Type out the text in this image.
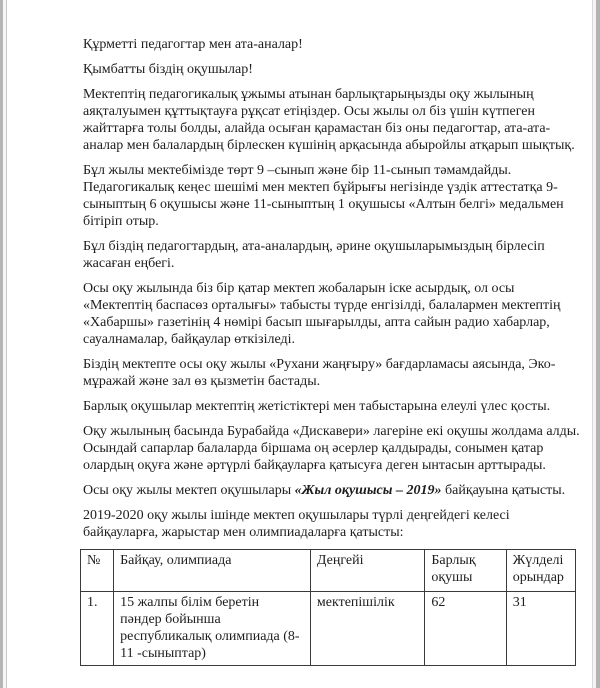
Құрметті педагогтар мен ата-аналар!

Қымбатты біздің оқушылар!

Мектептің педагогикалық ұжымы атынан барлықтарыңызды оқу жылының аяқталуымен құттықтауға рұқсат етіңіздер. Осы жылы ол біз үшін күтпеген жайттарға толы болды, алайда осыған қарамастан біз оны педагогтар, ата-ата-аналар мен балалардың бірлескен күшінің арқасында абыройлы атқарып шықтық.

Бұл жылы мектебімізде төрт 9 –сынып және бір 11-сынып тәмамдайды. Педагогикалық кеңес шешімі мен мектеп бұйрығы негізінде үздік аттестатқа 9-сыныптың 6 оқушысы және 11-сыныптың 1 оқушысы «Алтын белгі» медальмен бітіріп отыр.

Бұл біздің педагогтардың, ата-аналардың, әрине оқушыларымыздың бірлесіп жасаған еңбегі.

Осы оқу жылында біз бір қатар мектеп жобаларын іске асырдық, ол осы «Мектептің баспасөз орталығы» табысты түрде енгізілді, балалармен мектептің «Хабаршы» газетінің 4 нөмірі басып шығарылды, апта сайын радио хабарлар, сауалнамалар, байқаулар өткізіледі.

Біздің мектепте осы оқу жылы «Рухани жаңғыру» бағдарламасы аясында, Эко-мұражай және зал өз қызметін бастады.

Барлық оқушылар мектептің жетістіктері мен табыстарына елеулі үлес қосты.

Оқу жылының басында Бурабайда «Дискавери» лагеріне екі оқушы жолдама алды. Осындай сапарлар балаларда біршама оң әсерлер қалдырады, сонымен қатар олардың оқуға және әртүрлі байқауларға қатысуға деген ынтасын арттырады.

Осы оқу жылы мектеп оқушылары «Жыл оқушысы – 2019» байқауына қатысты.

2019-2020 оқу жылы ішінде мектеп оқушылары түрлі деңгейдегі келесі байқауларға, жарыстар мен олимпиадаларға қатысты:

№	Байқау, олимпиада	Деңгейі	Барлық оқушы	Жүлделі орындар
1.	15 жалпы білім беретін пәндер бойынша республикалық олимпиада (8-11 -сыныптар)	мектепішілік	62	31
